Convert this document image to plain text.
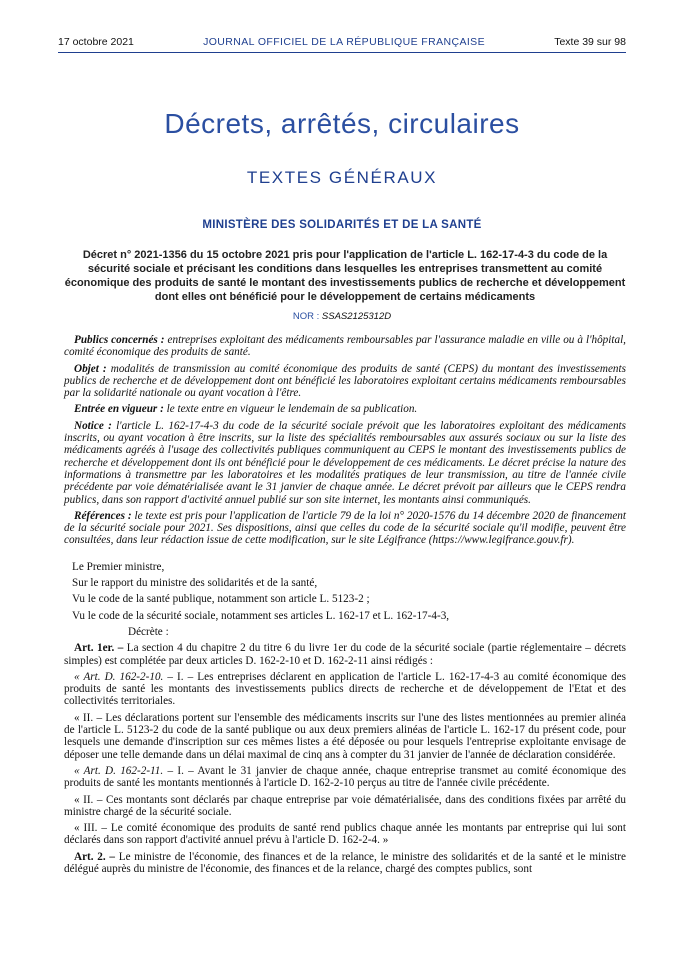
17 octobre 2021	JOURNAL OFFICIEL DE LA RÉPUBLIQUE FRANÇAISE	Texte 39 sur 98
Décrets, arrêtés, circulaires
TEXTES GÉNÉRAUX
MINISTÈRE DES SOLIDARITÉS ET DE LA SANTÉ
Décret n° 2021-1356 du 15 octobre 2021 pris pour l'application de l'article L. 162-17-4-3 du code de la sécurité sociale et précisant les conditions dans lesquelles les entreprises transmettent au comité économique des produits de santé le montant des investissements publics de recherche et développement dont elles ont bénéficié pour le développement de certains médicaments
NOR : SSAS2125312D

Publics concernés : entreprises exploitant des médicaments remboursables par l'assurance maladie en ville ou à l'hôpital, comité économique des produits de santé.

Objet : modalités de transmission au comité économique des produits de santé (CEPS) du montant des investissements publics de recherche et de développement dont ont bénéficié les laboratoires exploitant certains médicaments remboursables par la solidarité nationale ou ayant vocation à l'être.

Entrée en vigueur : le texte entre en vigueur le lendemain de sa publication.

Notice : l'article L. 162-17-4-3 du code de la sécurité sociale prévoit que les laboratoires exploitant des médicaments inscrits, ou ayant vocation à être inscrits, sur la liste des spécialités remboursables aux assurés sociaux ou sur la liste des médicaments agréés à l'usage des collectivités publiques communiquent au CEPS le montant des investissements publics de recherche et développement dont ils ont bénéficié pour le développement de ces médicaments. Le décret précise la nature des informations à transmettre par les laboratoires et les modalités pratiques de leur transmission, au titre de l'année civile précédente par voie dématérialisée avant le 31 janvier de chaque année. Le décret prévoit par ailleurs que le CEPS rendra publics, dans son rapport d'activité annuel publié sur son site internet, les montants ainsi communiqués.

Références : le texte est pris pour l'application de l'article 79 de la loi n° 2020-1576 du 14 décembre 2020 de financement de la sécurité sociale pour 2021. Ses dispositions, ainsi que celles du code de la sécurité sociale qu'il modifie, peuvent être consultées, dans leur rédaction issue de cette modification, sur le site Légifrance (https://www.legifrance.gouv.fr).

Le Premier ministre,

Sur le rapport du ministre des solidarités et de la santé,

Vu le code de la santé publique, notamment son article L. 5123-2 ;

Vu le code de la sécurité sociale, notamment ses articles L. 162-17 et L. 162-17-4-3,

Décrète :

Art. 1er. – La section 4 du chapitre 2 du titre 6 du livre 1er du code de la sécurité sociale (partie réglementaire – décrets simples) est complétée par deux articles D. 162-2-10 et D. 162-2-11 ainsi rédigés :

« Art. D. 162-2-10. – I. – Les entreprises déclarent en application de l'article L. 162-17-4-3 au comité économique des produits de santé les montants des investissements publics directs de recherche et de développement de l'Etat et des collectivités territoriales.

« II. – Les déclarations portent sur l'ensemble des médicaments inscrits sur l'une des listes mentionnées au premier alinéa de l'article L. 5123-2 du code de la santé publique ou aux deux premiers alinéas de l'article L. 162-17 du présent code, pour lesquels une demande d'inscription sur ces mêmes listes a été déposée ou pour lesquels l'entreprise exploitante envisage de déposer une telle demande dans un délai maximal de cinq ans à compter du 31 janvier de l'année de déclaration considérée.

« Art. D. 162-2-11. – I. – Avant le 31 janvier de chaque année, chaque entreprise transmet au comité économique des produits de santé les montants mentionnés à l'article D. 162-2-10 perçus au titre de l'année civile précédente.

« II. – Ces montants sont déclarés par chaque entreprise par voie dématérialisée, dans des conditions fixées par arrêté du ministre chargé de la sécurité sociale.

« III. – Le comité économique des produits de santé rend publics chaque année les montants par entreprise qui lui sont déclarés dans son rapport d'activité annuel prévu à l'article D. 162-2-4. »

Art. 2. – Le ministre de l'économie, des finances et de la relance, le ministre des solidarités et de la santé et le ministre délégué auprès du ministre de l'économie, des finances et de la relance, chargé des comptes publics, sont
